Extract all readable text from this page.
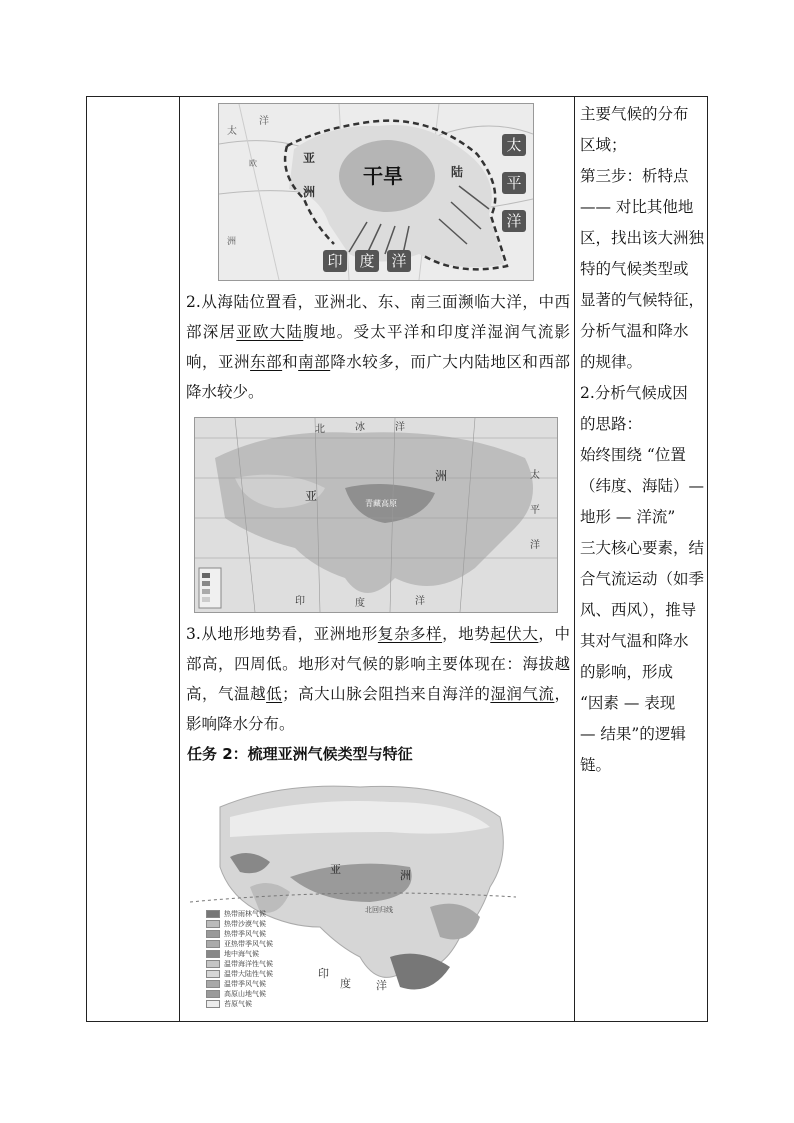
太
洋
亚
洲
陆
欧
洲
干旱
太
平
洋
印	度	洋

2.从海陆位置看，亚洲北、东、南三面濒临大洋，中西部深居亚欧大陆腹地。受太平洋和印度洋湿润气流影响，亚洲东部和南部降水较多，而广大内陆地区和西部降水较少。

北	冰	洋
亚
洲	太
平
洋
印	度	洋
青藏高原

3.从地形地势看，亚洲地形复杂多样，地势起伏大，中部高，四周低。地形对气候的影响主要体现在：海拔越高，气温越低；高大山脉会阻挡来自海洋的湿润气流，影响降水分布。

任务 2：梳理亚洲气候类型与特征
亚	洲
印
度 洋
北回归线
热带雨林气候
热带沙漠气候
热带季风气候
亚热带季风气候
地中海气候
温带海洋性气候
温带大陆性气候
温带季风气候
高原山地气候
苔原气候
主要气候的分布
区域；
第三步：析特点
—— 对比其他地
区，找出该大洲独
特的气候类型或
显著的气候特征，
分析气温和降水
的规律。
2.分析气候成因
的思路：
始终围绕 “位置
（纬度、海陆）—
地形 — 洋流”
三大核心要素，结
合气流运动（如季
风、西风），推导
其对气温和降水
的影响，形成
“因素 — 表现
— 结果”的逻辑
链。
